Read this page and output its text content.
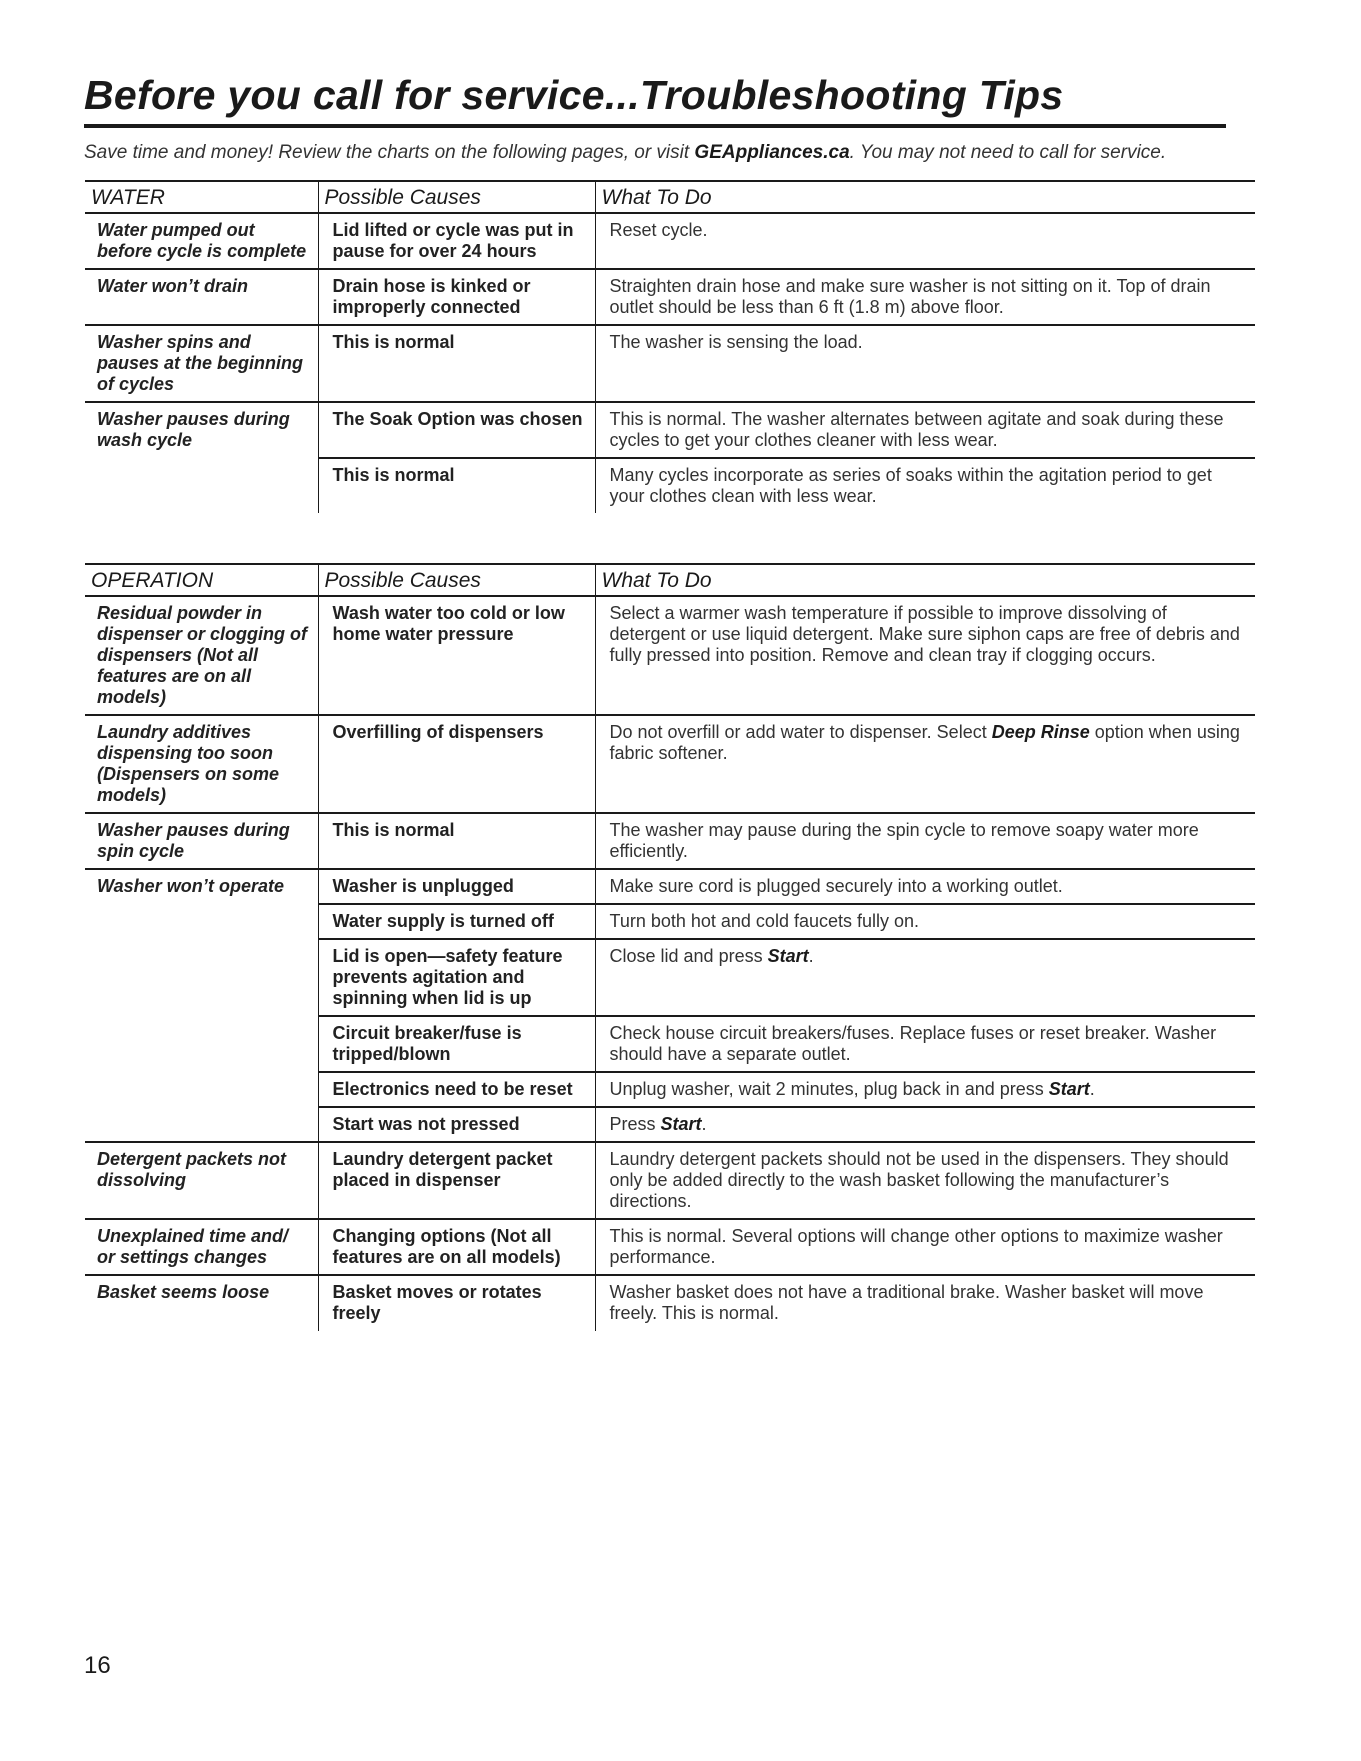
Before you call for service...Troubleshooting Tips

Save time and money! Review the charts on the following pages, or visit GEAppliances.ca. You may not need to call for service.

WATER	Possible Causes	What To Do
Water pumped out before cycle is complete	Lid lifted or cycle was put in pause for over 24 hours	Reset cycle.
Water won’t drain	Drain hose is kinked or improperly connected	Straighten drain hose and make sure washer is not sitting on it. Top of drain outlet should be less than 6 ft (1.8 m) above floor.
Washer spins and pauses at the beginning of cycles	This is normal	The washer is sensing the load.
Washer pauses during wash cycle	The Soak Option was chosen	This is normal. The washer alternates between agitate and soak during these cycles to get your clothes cleaner with less wear.
	This is normal	Many cycles incorporate as series of soaks within the agitation period to get your clothes clean with less wear.
OPERATION	Possible Causes	What To Do
Residual powder in dispenser or clogging of dispensers (Not all features are on all models)	Wash water too cold or low home water pressure	Select a warmer wash temperature if possible to improve dissolving of detergent or use liquid detergent. Make sure siphon caps are free of debris and fully pressed into position. Remove and clean tray if clogging occurs.
Laundry additives dispensing too soon (Dispensers on some models)	Overfilling of dispensers	Do not overfill or add water to dispenser. Select Deep Rinse option when using fabric softener.
Washer pauses during spin cycle	This is normal	The washer may pause during the spin cycle to remove soapy water more efficiently.
Washer won’t operate	Washer is unplugged	Make sure cord is plugged securely into a working outlet.
	Water supply is turned off	Turn both hot and cold faucets fully on.
	Lid is open—safety feature prevents agitation and spinning when lid is up	Close lid and press Start.
	Circuit breaker/fuse is tripped/blown	Check house circuit breakers/fuses. Replace fuses or reset breaker. Washer should have a separate outlet.
	Electronics need to be reset	Unplug washer, wait 2 minutes, plug back in and press Start.
	Start was not pressed	Press Start.
Detergent packets not dissolving	Laundry detergent packet placed in dispenser	Laundry detergent packets should not be used in the dispensers. They should only be added directly to the wash basket following the manufacturer’s directions.
Unexplained time and/ or settings changes	Changing options (Not all features are on all models)	This is normal. Several options will change other options to maximize washer performance.
Basket seems loose	Basket moves or rotates freely	Washer basket does not have a traditional brake. Washer basket will move freely. This is normal.

16
